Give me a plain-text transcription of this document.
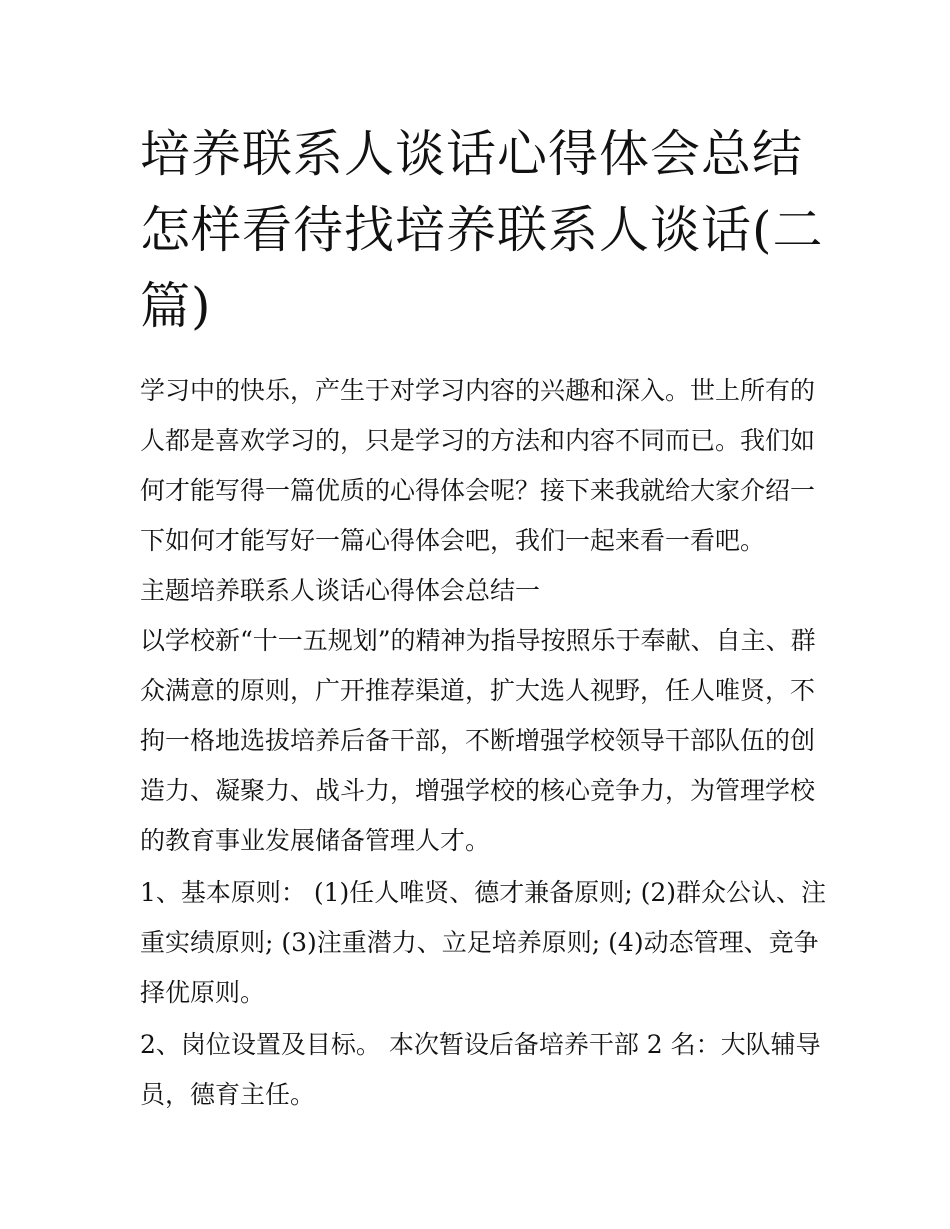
培养联系人谈话心得体会总结
怎样看待找培养联系人谈话(二
篇)

学习中的快乐，产生于对学习内容的兴趣和深入。世上所有的
人都是喜欢学习的，只是学习的方法和内容不同而已。我们如
何才能写得一篇优质的心得体会呢？接下来我就给大家介绍一
下如何才能写好一篇心得体会吧，我们一起来看一看吧。

主题培养联系人谈话心得体会总结一

以学校新“十一五规划”的精神为指导按照乐于奉献、自主、群
众满意的原则，广开推荐渠道，扩大选人视野，任人唯贤，不
拘一格地选拔培养后备干部，不断增强学校领导干部队伍的创
造力、凝聚力、战斗力，增强学校的核心竞争力，为管理学校
的教育事业发展储备管理人才。

1、基本原则： (1)任人唯贤、德才兼备原则; (2)群众公认、注
重实绩原则; (3)注重潜力、立足培养原则; (4)动态管理、竞争
择优原则。

2、岗位设置及目标。 本次暂设后备培养干部 2 名：大队辅导
员，德育主任。
